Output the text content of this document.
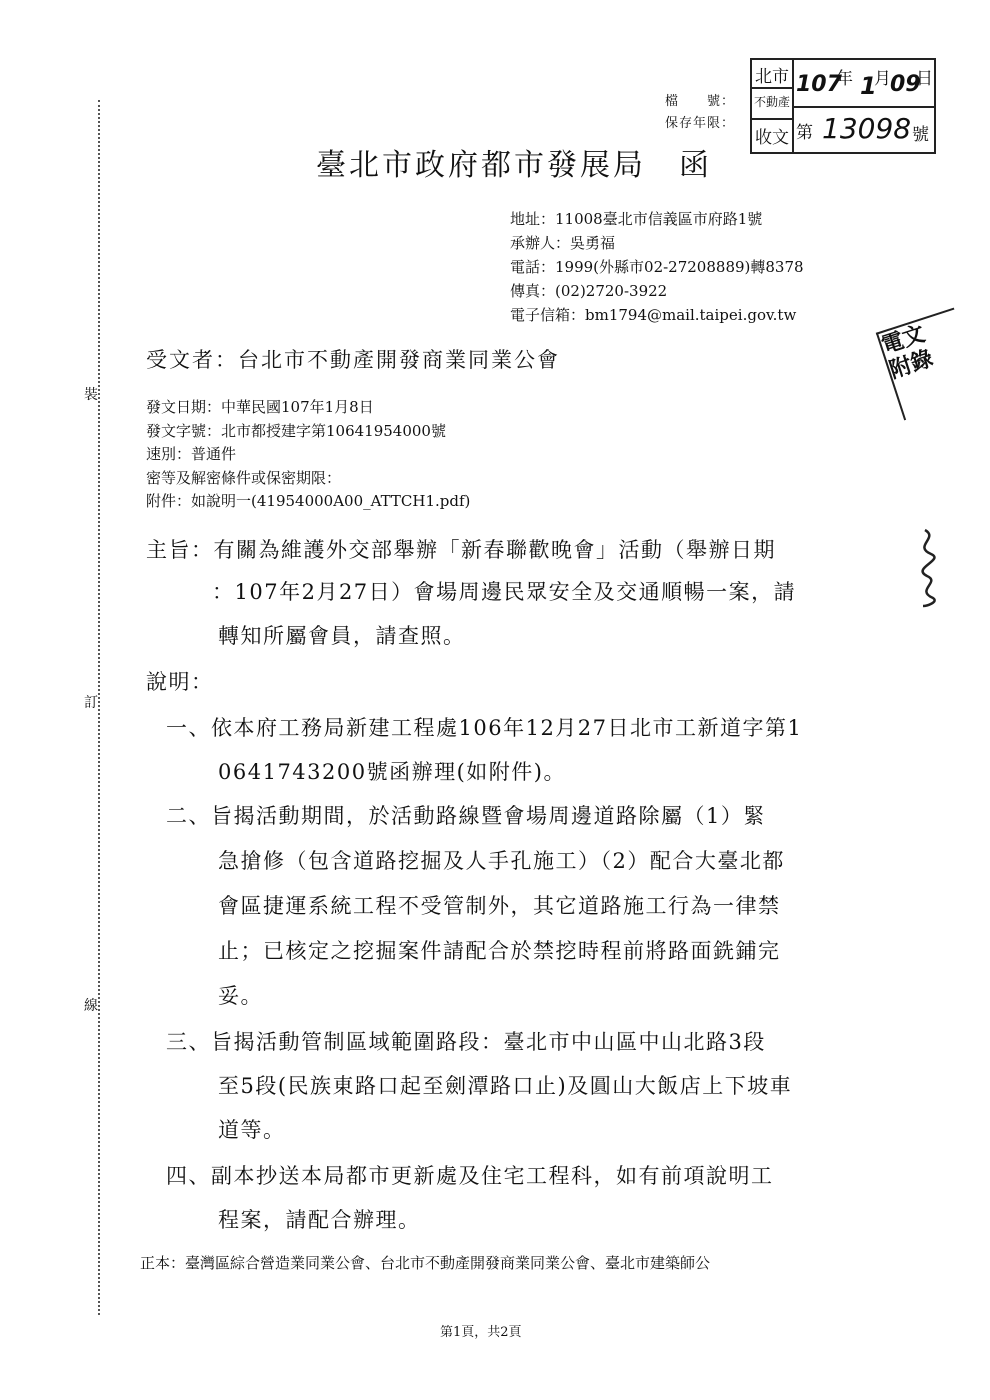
裝
訂
線
檔　　號：
保存年限：
北市
不動產
收文
107
年 1
月 09
日
第 13098 號
臺北市政府都市發展局　函
地址：11008臺北市信義區市府路1號
承辦人：吳勇福
電話：1999(外縣市02-27208889)轉8378
傳真：(02)2720-3922
電子信箱：bm1794@mail.taipei.gov.tw
電文
附錄
受文者：台北市不動產開發商業同業公會
發文日期：中華民國107年1月8日
發文字號：北市都授建字第10641954000號
速別：普通件
密等及解密條件或保密期限：
附件：如說明一(41954000A00_ATTCH1.pdf)
主旨：有關為維護外交部舉辦「新春聯歡晚會」活動（舉辦日期
：107年2月27日）會場周邊民眾安全及交通順暢一案，請
轉知所屬會員，請查照。
說明：
一、依本府工務局新建工程處106年12月27日北市工新道字第1
0641743200號函辦理(如附件)。
二、旨揭活動期間，於活動路線暨會場周邊道路除屬（1）緊
急搶修（包含道路挖掘及人手孔施工）（2）配合大臺北都
會區捷運系統工程不受管制外，其它道路施工行為一律禁
止；已核定之挖掘案件請配合於禁挖時程前將路面銑鋪完
妥。
三、旨揭活動管制區域範圍路段：臺北市中山區中山北路3段
至5段(民族東路口起至劍潭路口止)及圓山大飯店上下坡車
道等。
四、副本抄送本局都市更新處及住宅工程科，如有前項說明工
程案，請配合辦理。
正本：臺灣區綜合營造業同業公會、台北市不動產開發商業同業公會、臺北市建築師公
第1頁，共2頁
